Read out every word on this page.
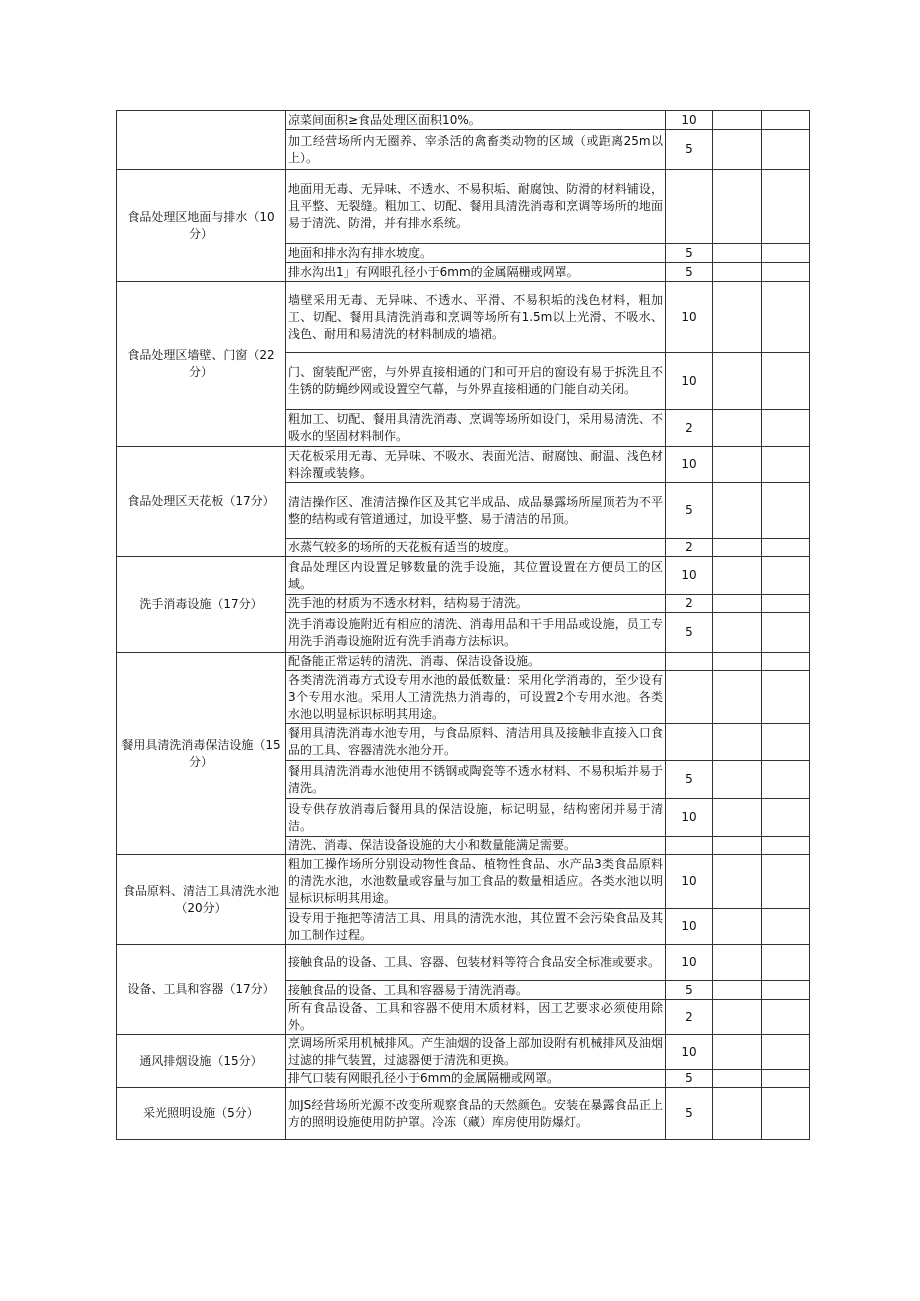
	凉菜间面积≥食品处理区面积10%。	10		
	加工经营场所内无圈养、宰杀活的禽畜类动物的区域（或距离25m以上）。	5		
食品处理区地面与排水（10分）	地面用无毒、无异味、不透水、不易积垢、耐腐蚀、防滑的材料铺设，且平整、无裂缝。粗加工、切配、餐用具清洗消毒和烹调等场所的地面易于清洗、防滑，并有排水系统。			
	地面和排水沟有排水坡度。	5		
	排水沟出1」有网眼孔径小于6mm的金属隔栅或网罩。	5		
食品处理区墙壁、门窗（22分）	墙壁采用无毒、无异味、不透水、平滑、不易积垢的浅色材料，粗加工、切配、餐用具清洗消毒和烹调等场所有1.5m以上光滑、不吸水、浅色、耐用和易清洗的材料制成的墙裙。	10		
	门、窗装配严密，与外界直接相通的门和可开启的窗设有易于拆洗且不生锈的防蝇纱网或设置空气幕，与外界直接相通的门能自动关闭。	10		
	粗加工、切配、餐用具清洗消毒、烹调等场所如设门，采用易清洗、不吸水的坚固材料制作。	2		
食品处理区天花板（17分）	天花板采用无毒、无异味、不吸水、表面光洁、耐腐蚀、耐温、浅色材料涂覆或装修。	10		
	清洁操作区、准清洁操作区及其它半成品、成品暴露场所屋顶若为不平整的结构或有管道通过，加设平整、易于清洁的吊顶。	5		
	水蒸气较多的场所的天花板有适当的坡度。	2		
洗手消毒设施（17分）	食品处理区内设置足够数量的洗手设施，其位置设置在方便员工的区域。	10		
	洗手池的材质为不透水材料，结构易于清洗。	2		
	洗手消毒设施附近有相应的清洗、消毒用品和干手用品或设施，员工专用洗手消毒设施附近有洗手消毒方法标识。	5		
餐用具清洗消毒保洁设施（15分）	配备能正常运转的清洗、消毒、保洁设备设施。			
	各类清洗消毒方式设专用水池的最低数量：采用化学消毒的，至少设有3个专用水池。采用人工清洗热力消毒的，可设置2个专用水池。各类水池以明显标识标明其用途。			
	餐用具清洗消毒水池专用，与食品原料、清洁用具及接触非直接入口食品的工具、容器清洗水池分开。			
	餐用具清洗消毒水池使用不锈钢或陶瓷等不透水材料、不易积垢并易于清洗。	5		
	设专供存放消毒后餐用具的保洁设施，标记明显，结构密闭并易于清洁。	10		
	清洗、消毒、保洁设备设施的大小和数量能满足需要。			
食品原料、清洁工具清洗水池（20分）	粗加工操作场所分别设动物性食品、植物性食品、水产品3类食品原料的清洗水池，水池数量或容量与加工食品的数量相适应。各类水池以明显标识标明其用途。	10		
	设专用于拖把等清洁工具、用具的清洗水池，其位置不会污染食品及其加工制作过程。	10		
设备、工具和容器（17分）	接触食品的设备、工具、容器、包装材料等符合食品安全标准或要求。	10		
	接触食品的设备、工具和容器易于清洗消毒。	5		
	所有食品设备、工具和容器不使用木质材料，因工艺要求必须使用除外。	2		
通风排烟设施（15分）	烹调场所采用机械排风。产生油烟的设备上部加设附有机械排风及油烟过滤的排气装置，过滤器便于清洗和更换。	10		
	排气口装有网眼孔径小于6mm的金属隔栅或网罩。	5		
采光照明设施（5分）	加JS经营场所光源不改变所观察食品的天然颜色。安装在暴露食品正上方的照明设施使用防护罩。冷冻（藏）库房使用防爆灯。	5		
